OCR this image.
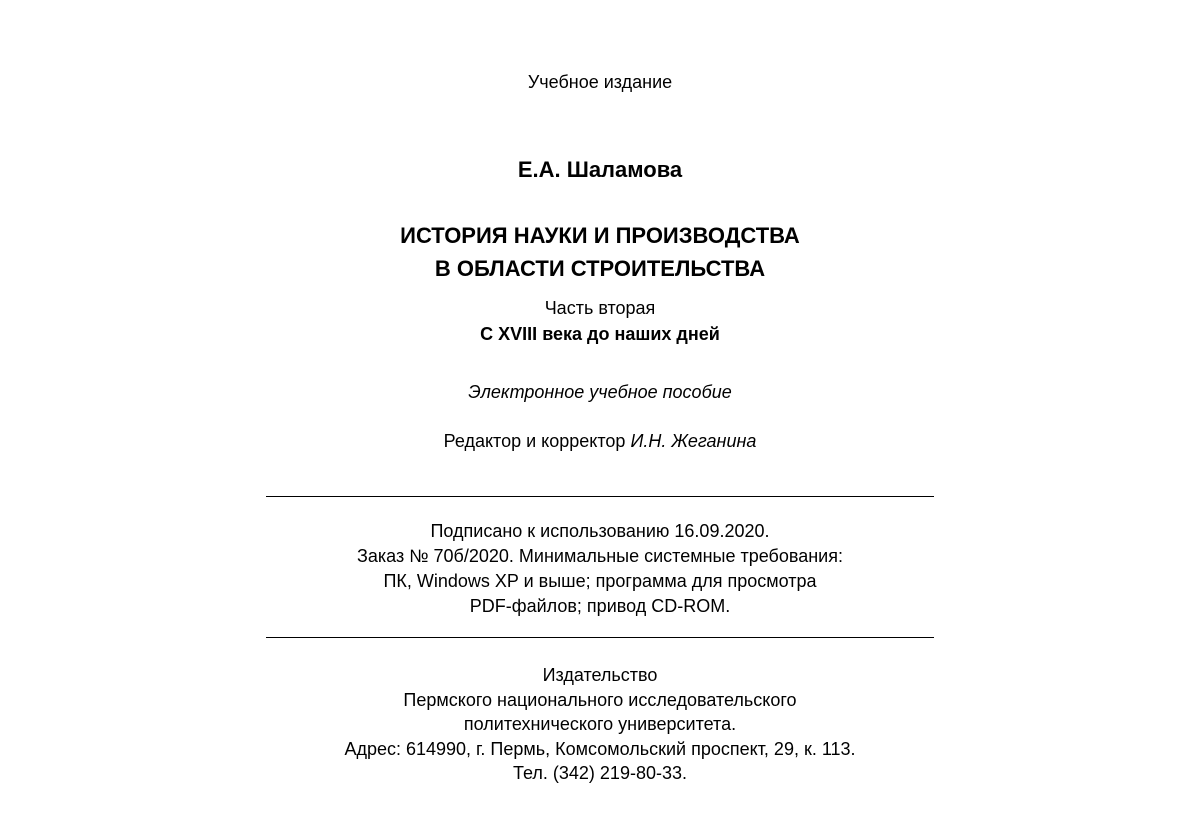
Учебное издание
Е.А. Шаламова
ИСТОРИЯ НАУКИ И ПРОИЗВОДСТВА
В ОБЛАСТИ СТРОИТЕЛЬСТВА
Часть вторая
С XVIII века до наших дней
Электронное учебное пособие
Редактор и корректор И.Н. Жеганина
Подписано к использованию 16.09.2020.
Заказ № 70б/2020. Минимальные системные требования:
ПК, Windows XP и выше; программа для просмотра
PDF-файлов; привод CD-ROM.
Издательство
Пермского национального исследовательского
политехнического университета.
Адрес: 614990, г. Пермь, Комсомольский проспект, 29, к. 113.
Тел. (342) 219-80-33.
